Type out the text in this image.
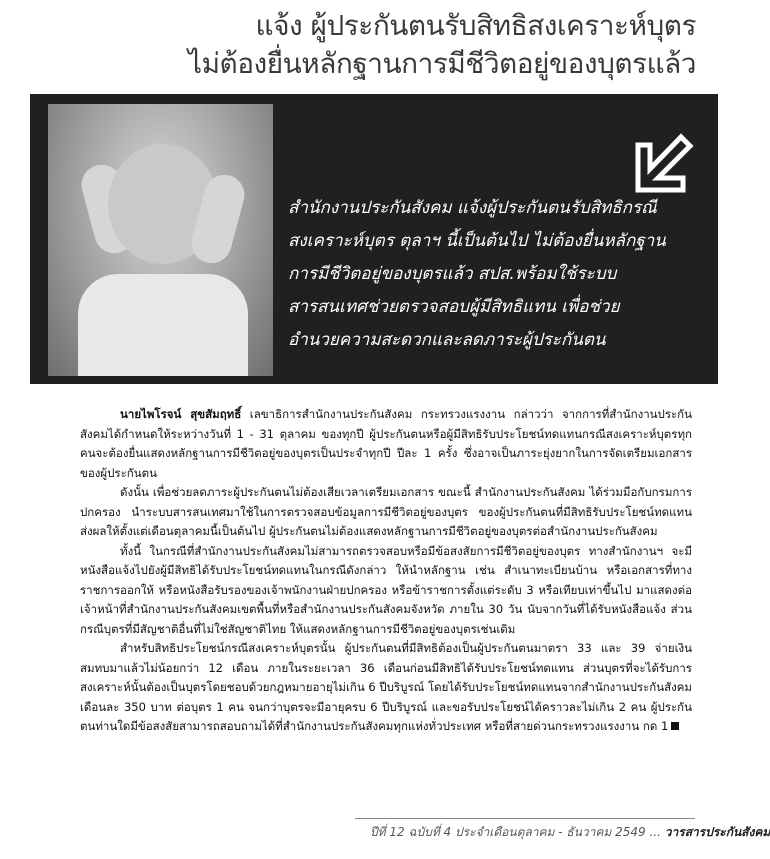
แจ้ง ผู้ประกันตนรับสิทธิสงเคราะห์บุตร
ไม่ต้องยื่นหลักฐานการมีชีวิตอยู่ของบุตรแล้ว

สำนักงานประกันสังคม แจ้งผู้ประกันตนรับสิทธิกรณี
สงเคราะห์บุตร ตุลาฯ นี้เป็นต้นไป ไม่ต้องยื่นหลักฐาน
การมีชีวิตอยู่ของบุตรแล้ว สปส.พร้อมใช้ระบบ
สารสนเทศช่วยตรวจสอบผู้มีสิทธิแทน เพื่อช่วย
อำนวยความสะดวกและลดภาระผู้ประกันตน

นายไพโรจน์ สุขสัมฤทธิ์ เลขาธิการสำนักงานประกันสังคม กระทรวงแรงงาน กล่าวว่า จากการที่สำนักงานประกันสังคมได้กำหนดให้ระหว่างวันที่ 1 - 31 ตุลาคม ของทุกปี ผู้ประกันตนหรือผู้มีสิทธิรับประโยชน์ทดแทนกรณีสงเคราะห์บุตรทุกคนจะต้องยื่นแสดงหลักฐานการมีชีวิตอยู่ของบุตรเป็นประจำทุกปี ปีละ 1 ครั้ง ซึ่งอาจเป็นภาระยุ่งยากในการจัดเตรียมเอกสารของผู้ประกันตน

ดังนั้น เพื่อช่วยลดภาระผู้ประกันตนไม่ต้องเสียเวลาเตรียมเอกสาร ขณะนี้ สำนักงานประกันสังคม ได้ร่วมมือกับกรมการปกครอง นำระบบสารสนเทศมาใช้ในการตรวจสอบข้อมูลการมีชีวิตอยู่ของบุตร ของผู้ประกันตนที่มีสิทธิรับประโยชน์ทดแทน ส่งผลให้ตั้งแต่เดือนตุลาคมนี้เป็นต้นไป ผู้ประกันตนไม่ต้องแสดงหลักฐานการมีชีวิตอยู่ของบุตรต่อสำนักงานประกันสังคม

ทั้งนี้ ในกรณีที่สำนักงานประกันสังคมไม่สามารถตรวจสอบหรือมีข้อสงสัยการมีชีวิตอยู่ของบุตร ทางสำนักงานฯ จะมีหนังสือแจ้งไปยังผู้มีสิทธิได้รับประโยชน์ทดแทนในกรณีดังกล่าว ให้นำหลักฐาน เช่น สำเนาทะเบียนบ้าน หรือเอกสารที่ทางราชการออกให้ หรือหนังสือรับรองของเจ้าพนักงานฝ่ายปกครอง หรือข้าราชการตั้งแต่ระดับ 3 หรือเทียบเท่าขึ้นไป มาแสดงต่อเจ้าหน้าที่สำนักงานประกันสังคมเขตพื้นที่หรือสำนักงานประกันสังคมจังหวัด ภายใน 30 วัน นับจากวันที่ได้รับหนังสือแจ้ง ส่วนกรณีบุตรที่มีสัญชาติอื่นที่ไม่ใช่สัญชาติไทย ให้แสดงหลักฐานการมีชีวิตอยู่ของบุตรเช่นเดิม

สำหรับสิทธิประโยชน์กรณีสงเคราะห์บุตรนั้น ผู้ประกันตนที่มีสิทธิต้องเป็นผู้ประกันตนมาตรา 33 และ 39 จ่ายเงินสมทบมาแล้วไม่น้อยกว่า 12 เดือน ภายในระยะเวลา 36 เดือนก่อนมีสิทธิได้รับประโยชน์ทดแทน ส่วนบุตรที่จะได้รับการสงเคราะห์นั้นต้องเป็นบุตรโดยชอบด้วยกฎหมายอายุไม่เกิน 6 ปีบริบูรณ์ โดยได้รับประโยชน์ทดแทนจากสำนักงานประกันสังคมเดือนละ 350 บาท ต่อบุตร 1 คน จนกว่าบุตรจะมีอายุครบ 6 ปีบริบูรณ์ และขอรับประโยชน์ได้คราวละไม่เกิน 2 คน ผู้ประกันตนท่านใดมีข้อสงสัยสามารถสอบถามได้ที่สำนักงานประกันสังคมทุกแห่งทั่วประเทศ หรือที่สายด่วนกระทรวงแรงงาน กด 1

ปีที่ 12 ฉบับที่ 4 ประจำเดือนตุลาคม - ธันวาคม 2549 ... วารสารประกันสังคม
